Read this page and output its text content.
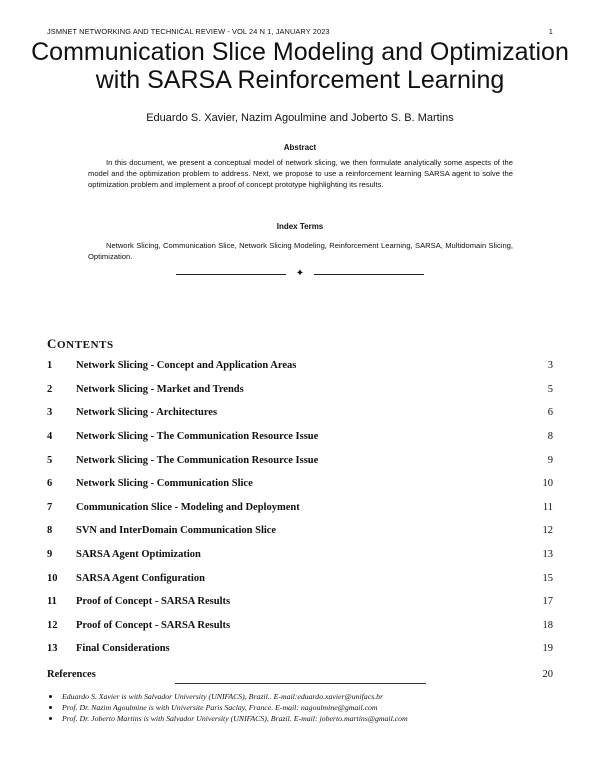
JSMNET NETWORKING AND TECHNICAL REVIEW - VOL 24 N 1, JANUARY 2023	1
Communication Slice Modeling and Optimization
with SARSA Reinforcement Learning
Eduardo S. Xavier, Nazim Agoulmine and Joberto S. B. Martins
Abstract
In this document, we present a conceptual model of network slicing, we then formulate analytically some aspects of the model and the optimization problem to address. Next, we propose to use a reinforcement learning SARSA agent to solve the optimization problem and implement a proof of concept prototype highlighting its results.
Index Terms
Network Slicing, Communication Slice, Network Slicing Modeling, Reinforcement Learning, SARSA, Multidomain Slicing, Optimization.
✦
CONTENTS
1	Network Slicing - Concept and Application Areas	3
2	Network Slicing - Market and Trends	5
3	Network Slicing - Architectures	6
4	Network Slicing - The Communication Resource Issue	8
5	Network Slicing - The Communication Resource Issue	9
6	Network Slicing - Communication Slice	10
7	Communication Slice - Modeling and Deployment	11
8	SVN and InterDomain Communication Slice	12
9	SARSA Agent Optimization	13
10	SARSA Agent Configuration	15
11	Proof of Concept - SARSA Results	17
12	Proof of Concept - SARSA Results	18
13	Final Considerations	19
References	20
Eduardo S. Xavier is with Salvador University (UNIFACS), Brazil.. E-mail:eduardo.xavier@unifacs.br
Prof. Dr. Nazim Agoulmine is with Universite Paris Saclay, France. E-mail: nagoulmine@gmail.com
Prof. Dr. Joberto Martins is with Salvador University (UNIFACS), Brazil. E-mail: joberto.martins@gmail.com
